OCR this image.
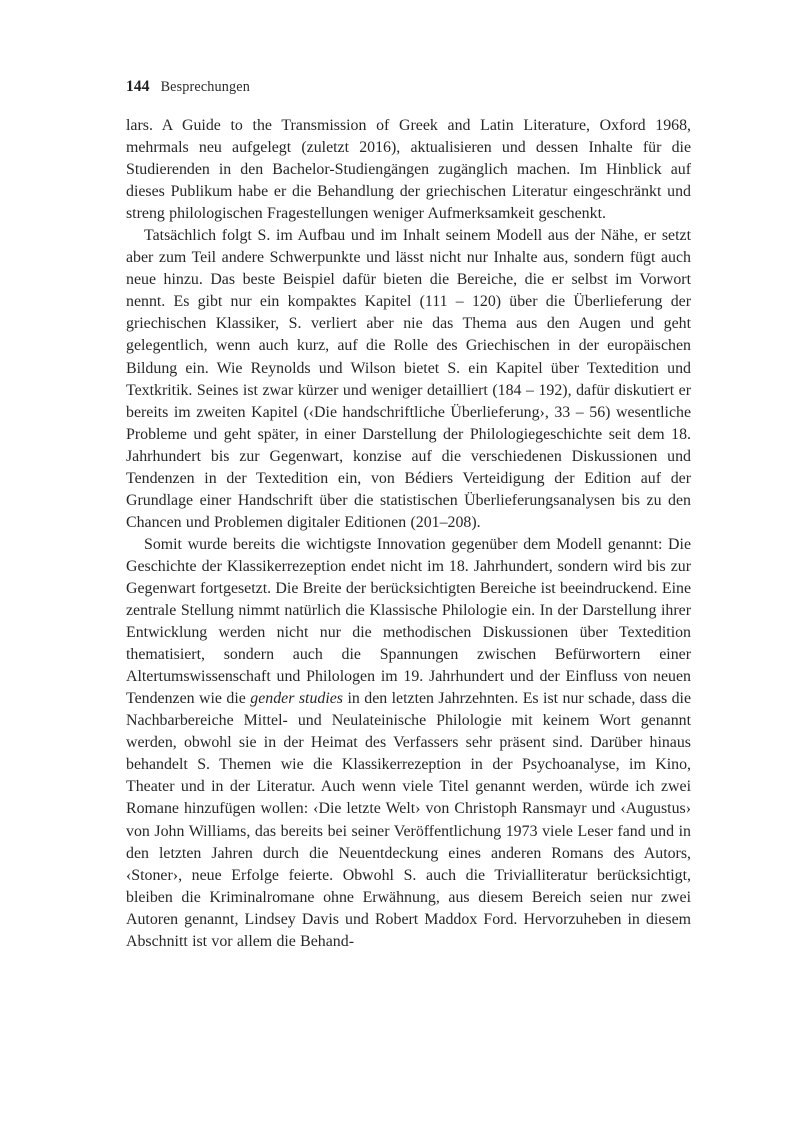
144 Besprechungen

lars. A Guide to the Transmission of Greek and Latin Literature, Oxford 1968, mehrmals neu aufgelegt (zuletzt 2016), aktualisieren und dessen Inhalte für die Studierenden in den Bachelor-Studiengängen zugänglich machen. Im Hinblick auf dieses Publikum habe er die Behandlung der griechischen Literatur eingeschränkt und streng philologischen Fragestellungen weniger Aufmerksamkeit geschenkt.

Tatsächlich folgt S. im Aufbau und im Inhalt seinem Modell aus der Nähe, er setzt aber zum Teil andere Schwerpunkte und lässt nicht nur Inhalte aus, sondern fügt auch neue hinzu. Das beste Beispiel dafür bieten die Bereiche, die er selbst im Vorwort nennt. Es gibt nur ein kompaktes Kapitel (111 – 120) über die Überlieferung der griechischen Klassiker, S. verliert aber nie das Thema aus den Augen und geht gelegentlich, wenn auch kurz, auf die Rolle des Griechischen in der europäischen Bildung ein. Wie Reynolds und Wilson bietet S. ein Kapitel über Textedition und Textkritik. Seines ist zwar kürzer und weniger detailliert (184 – 192), dafür diskutiert er bereits im zweiten Kapitel (‹Die handschriftliche Überlieferung›, 33 – 56) wesentliche Probleme und geht später, in einer Darstellung der Philologiegeschichte seit dem 18. Jahrhundert bis zur Gegenwart, konzise auf die verschiedenen Diskussionen und Tendenzen in der Textedition ein, von Bédiers Verteidigung der Edition auf der Grundlage einer Handschrift über die statistischen Überlieferungsanalysen bis zu den Chancen und Problemen digitaler Editionen (201–208).

Somit wurde bereits die wichtigste Innovation gegenüber dem Modell genannt: Die Geschichte der Klassikerrezeption endet nicht im 18. Jahrhundert, sondern wird bis zur Gegenwart fortgesetzt. Die Breite der berücksichtigten Bereiche ist beeindruckend. Eine zentrale Stellung nimmt natürlich die Klassische Philologie ein. In der Darstellung ihrer Entwicklung werden nicht nur die methodischen Diskussionen über Textedition thematisiert, sondern auch die Spannungen zwischen Befürwortern einer Altertumswissenschaft und Philologen im 19. Jahrhundert und der Einfluss von neuen Tendenzen wie die gender studies in den letzten Jahrzehnten. Es ist nur schade, dass die Nachbarbereiche Mittel- und Neulateinische Philologie mit keinem Wort genannt werden, obwohl sie in der Heimat des Verfassers sehr präsent sind. Darüber hinaus behandelt S. Themen wie die Klassikerrezeption in der Psychoanalyse, im Kino, Theater und in der Literatur. Auch wenn viele Titel genannt werden, würde ich zwei Romane hinzufügen wollen: ‹Die letzte Welt› von Christoph Ransmayr und ‹Augustus› von John Williams, das bereits bei seiner Veröffentlichung 1973 viele Leser fand und in den letzten Jahren durch die Neuentdeckung eines anderen Romans des Autors, ‹Stoner›, neue Erfolge feierte. Obwohl S. auch die Trivialliteratur berücksichtigt, bleiben die Kriminalromane ohne Erwähnung, aus diesem Bereich seien nur zwei Autoren genannt, Lindsey Davis und Robert Maddox Ford. Hervorzuheben in diesem Abschnitt ist vor allem die Behand-
